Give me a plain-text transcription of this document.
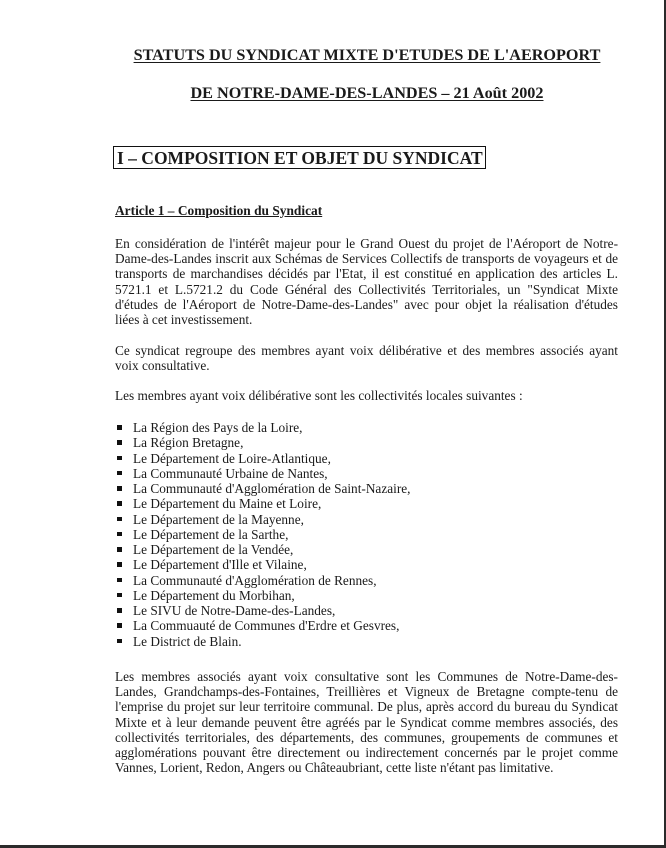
STATUTS DU SYNDICAT MIXTE D'ETUDES DE L'AEROPORT
DE NOTRE-DAME-DES-LANDES – 21 Août 2002
I – COMPOSITION ET OBJET DU SYNDICAT
Article 1 – Composition du Syndicat

En considération de l'intérêt majeur pour le Grand Ouest du projet de l'Aéroport de Notre-Dame-des-Landes inscrit aux Schémas de Services Collectifs de transports de voyageurs et de transports de marchandises décidés par l'Etat, il est constitué en application des articles L. 5721.1 et L.5721.2 du Code Général des Collectivités Territoriales, un "Syndicat Mixte d'études de l'Aéroport de Notre-Dame-des-Landes" avec pour objet la réalisation d'études liées à cet investissement.

Ce syndicat regroupe des membres ayant voix délibérative et des membres associés ayant voix consultative.

Les membres ayant voix délibérative sont les collectivités locales suivantes :

La Région des Pays de la Loire,
La Région Bretagne,
Le Département de Loire-Atlantique,
La Communauté Urbaine de Nantes,
La Communauté d'Agglomération de Saint-Nazaire,
Le Département du Maine et Loire,
Le Département de la Mayenne,
Le Département de la Sarthe,
Le Département de la Vendée,
Le Département d'Ille et Vilaine,
La Communauté d'Agglomération de Rennes,
Le Département du Morbihan,
Le SIVU de Notre-Dame-des-Landes,
La Commuauté de Communes d'Erdre et Gesvres,
Le District de Blain.

Les membres associés ayant voix consultative sont les Communes de Notre-Dame-des-Landes, Grandchamps-des-Fontaines, Treillières et Vigneux de Bretagne compte-tenu de l'emprise du projet sur leur territoire communal. De plus, après accord du bureau du Syndicat Mixte et à leur demande peuvent être agréés par le Syndicat comme membres associés, des collectivités territoriales, des départements, des communes, groupements de communes et agglomérations pouvant être directement ou indirectement concernés par le projet comme Vannes, Lorient, Redon, Angers ou Châteaubriant, cette liste n'étant pas limitative.
